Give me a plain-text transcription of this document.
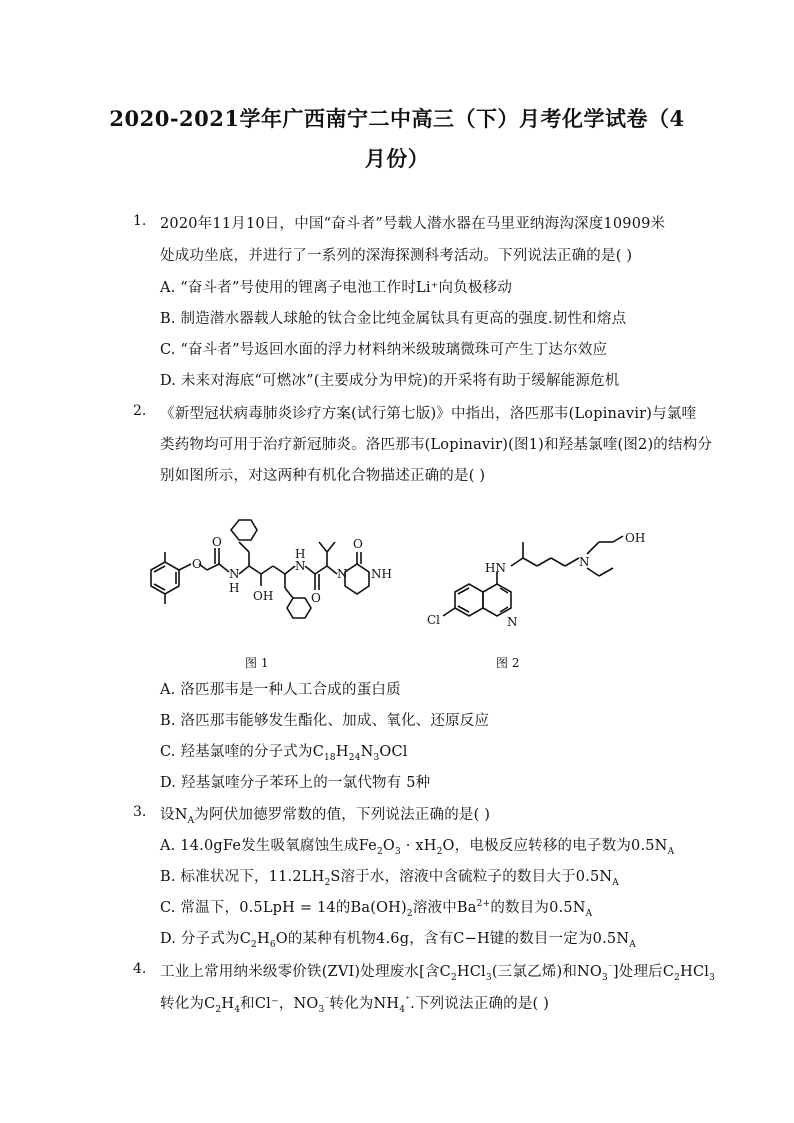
2020-2021学年广西南宁二中高三（下）月考化学试卷（4
月份）
1. 2020年11月10日，中国“奋斗者”号载人潜水器在马里亚纳海沟深度10909米
处成功坐底，并进行了一系列的深海探测科考活动。下列说法正确的是( )
A. “奋斗者”号使用的锂离子电池工作时Li⁺向负极移动
B. 制造潜水器载人球舱的钛合金比纯金属钛具有更高的强度.韧性和熔点
C. “奋斗者”号返回水面的浮力材料纳米级玻璃微珠可产生丁达尔效应
D. 未来对海底“可燃冰”(主要成分为甲烷)的开采将有助于缓解能源危机
2. 《新型冠状病毒肺炎诊疗方案(试行第七版)》中指出，洛匹那韦(Lopinavir)与氯喹
类药物均可用于治疗新冠肺炎。洛匹那韦(Lopinavir)(图1)和羟基氯喹(图2)的结构分
别如图所示，对这两种有机化合物描述正确的是( )
O
O
N
H
OH
H
N
O
N NH
O
图 1
HN	N
OH
Cl	N
图 2
A. 洛匹那韦是一种人工合成的蛋白质
B. 洛匹那韦能够发生酯化、加成、氧化、还原反应
C. 羟基氯喹的分子式为$C_{18}H_{24}N_3OCl$
D. 羟基氯喹分子苯环上的一氯代物有 5种
3. 设$N_A$为阿伏加德罗常数的值，下列说法正确的是( )
A. 14.0gFe发生吸氧腐蚀生成$Fe_2O_3 \cdot xH_2O$，电极反应转移的电子数为$0.5N_A$
B. 标准状况下，$11.2LH_2S$溶于水，溶液中含硫粒子的数目大于$0.5N_A$
C. 常温下，0.5LpH = 14的$Ba(OH)_2$溶液中$Ba^{2+}$的数目为$0.5N_A$
D. 分子式为$C_2H_6O$的某种有机物4.6g，含有C−H键的数目一定为$0.5N_A$
4. 工业上常用纳米级零价铁(ZVI)处理废水[含$C_2HCl_3$(三氯乙烯)和$NO_3^{^-}$]处理后$C_2HCl_3$
转化为$C_2H_4$和Cl⁻，$NO_3^{^-}$转化为$NH_4^{^+}$.下列说法正确的是( )
